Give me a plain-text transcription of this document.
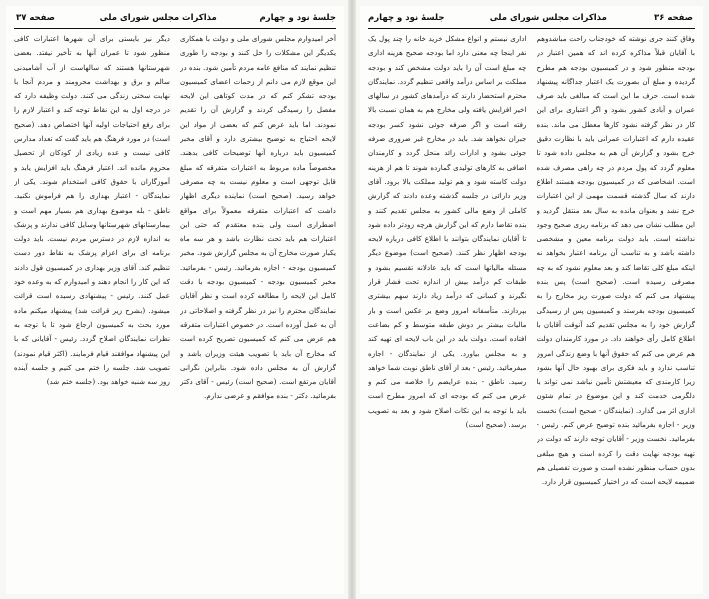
جلسهٔ نود و چهارم
مذاکرات مجلس شورای ملی
صفحه ۳۷

آخر امیدوارم مجلس شورای ملی و دولت با همکاری یکدیگر این مشکلات را حل کنند و بودجه را طوری تنظیم نمایند که منافع عامه مردم تأمین شود. بنده در این موقع لازم می دانم از زحمات اعضای کمیسیون بودجه تشکر کنم که در مدت کوتاهی این لایحه مفصل را رسیدگی کردند و گزارش آن را تقدیم نمودند. اما باید عرض کنم که بعضی از مواد این لایحه احتیاج به توضیح بیشتری دارد و آقای مخبر کمیسیون باید درباره آنها توضیحات کافی بدهند. مخصوصاً ماده مربوط به اعتبارات متفرقه که مبلغ قابل توجهی است و معلوم نیست به چه مصرفی خواهد رسید. (صحیح است) نماینده دیگری اظهار داشت که اعتبارات متفرقه معمولاً برای مواقع اضطراری است ولی بنده معتقدم که حتی این اعتبارات هم باید تحت نظارت باشد و هر سه ماه یکبار صورت مخارج آن به مجلس گزارش شود. مخبر کمیسیون بودجه - اجازه بفرمائید. رئیس - بفرمائید. مخبر کمیسیون بودجه - کمیسیون بودجه با دقت کامل این لایحه را مطالعه کرده است و نظر آقایان نمایندگان محترم را نیز در نظر گرفته و اصلاحاتی در آن به عمل آورده است. در خصوص اعتبارات متفرقه هم عرض می کنم که کمیسیون تصریح کرده است که مخارج آن باید با تصویب هیئت وزیران باشد و گزارش آن به مجلس داده شود. بنابراین نگرانی آقایان مرتفع است. (صحیح است) رئیس - آقای دکتر بفرمائید. دکتر - بنده موافقم و عرضی ندارم.

دیگر نیز بایستی برای آن شهرها اعتبارات کافی منظور شود تا عمران آنها به تأخیر نیفتد. بعضی شهرستانها هستند که سالهاست از آب آشامیدنی سالم و برق و بهداشت محرومند و مردم آنجا با نهایت سختی زندگی می کنند. دولت وظیفه دارد که در درجه اول به این نقاط توجه کند و اعتبار لازم را برای رفع احتیاجات اولیه آنها اختصاص دهد. (صحیح است) در مورد فرهنگ هم باید گفت که تعداد مدارس کافی نیست و عده زیادی از کودکان از تحصیل محروم مانده اند. اعتبار فرهنگ باید افزایش یابد و آموزگاران با حقوق کافی استخدام شوند. یکی از نمایندگان - اعتبار بهداری را هم فراموش نکنید. ناطق - بله موضوع بهداری هم بسیار مهم است و بیمارستانهای شهرستانها وسایل کافی ندارند و پزشک به اندازه لازم در دسترس مردم نیست. باید دولت برنامه ای برای اعزام پزشک به نقاط دور دست تنظیم کند. آقای وزیر بهداری در کمیسیون قول دادند که این کار را انجام دهند و امیدوارم که به وعده خود عمل کنند. رئیس - پیشنهادی رسیده است قرائت میشود. (بشرح زیر قرائت شد) پیشنهاد میکنم ماده مورد بحث به کمیسیون ارجاع شود تا با توجه به نظرات نمایندگان اصلاح گردد. رئیس - آقایانی که با این پیشنهاد موافقند قیام فرمایند. (اکثر قیام نمودند) تصویب شد. جلسه را ختم می کنیم و جلسه آینده روز سه شنبه خواهد بود. (جلسه ختم شد)

صفحه ۳۶
مذاکرات مجلس شورای ملی
جلسهٔ نود و چهارم

وفاق کنند جری نوشته که خودجناب راحت مباشدوهم با آقایان قبلاً مذاکره کرده اند که همین اعتبار در بودجه منظور شود و در کمیسیون بودجه هم مطرح گردیده و مبلغ آن بصورت یک اعتبار جداگانه پیشنهاد شده است. حرف ما این است که مبالغی باید صرف عمران و آبادی کشور بشود و اگر اعتباری برای این کار در نظر گرفته نشود کارها معطل می ماند. بنده عقیده دارم که اعتبارات عمرانی باید با نظارت دقیق خرج بشود و گزارش آن هم به مجلس داده شود تا معلوم گردد که پول مردم در چه راهی مصرف شده است. اشخاصی که در کمیسیون بودجه هستند اطلاع دارند که سال گذشته قسمت مهمی از این اعتبارات خرج نشد و بعنوان مانده به سال بعد منتقل گردید و این مطلب نشان می دهد که برنامه ریزی صحیح وجود نداشته است. باید دولت برنامه معین و مشخصی داشته باشد و به تناسب آن برنامه اعتبار بخواهد نه اینکه مبلغ کلی تقاضا کند و بعد معلوم نشود که به چه مصرفی رسیده است. (صحیح است) پس بنده پیشنهاد می کنم که دولت صورت ریز مخارج را به کمیسیون بودجه بفرستد و کمیسیون پس از رسیدگی گزارش خود را به مجلس تقدیم کند آنوقت آقایان با اطلاع کامل رأی خواهند داد. در مورد کارمندان دولت هم عرض می کنم که حقوق آنها با وضع زندگی امروز تناسب ندارد و باید فکری برای بهبود حال آنها بشود زیرا کارمندی که معیشتش تأمین نباشد نمی تواند با دلگرمی خدمت کند و این موضوع در تمام شئون اداری اثر می گذارد. (نمایندگان - صحیح است) نخست وزیر - اجازه بفرمائید بنده توضیح عرض کنم. رئیس - بفرمائید. نخست وزیر - آقایان توجه دارند که دولت در تهیه بودجه نهایت دقت را کرده است و هیچ مبلغی بدون حساب منظور نشده است و صورت تفصیلی هم ضمیمه لایحه است که در اختیار کمیسیون قرار دارد.

اداری نیستم و انواع مشکل خرید خانه را چند پول یک نفر اینجا چه معنی دارد اما بودجه صحیح هزینه اداری چه مبلغ است آن را باید دولت مشخص کند و بودجه مملکت بر اساس درآمد واقعی تنظیم گردد. نمایندگان محترم استحضار دارند که درآمدهای کشور در سالهای اخیر افزایش یافته ولی مخارج هم به همان نسبت بالا رفته است و اگر صرفه جوئی نشود کسر بودجه جبران نخواهد شد. باید در مخارج غیر ضروری صرفه جوئی بشود و ادارات زائد منحل گردد و کارمندان اضافی به کارهای تولیدی گمارده شوند تا هم از هزینه دولت کاسته شود و هم تولید مملکت بالا برود. آقای وزیر دارائی در جلسه گذشته وعده دادند که گزارش کاملی از وضع مالی کشور به مجلس تقدیم کنند و بنده تقاضا دارم که این گزارش هرچه زودتر داده شود تا آقایان نمایندگان بتوانند با اطلاع کافی درباره لایحه بودجه اظهار نظر کنند. (صحیح است) موضوع دیگر مسئله مالیاتها است که باید عادلانه تقسیم بشود و طبقات کم درآمد بیش از اندازه تحت فشار قرار نگیرند و کسانی که درآمد زیاد دارند سهم بیشتری بپردازند. متأسفانه امروز وضع بر عکس است و بار مالیات بیشتر بر دوش طبقه متوسط و کم بضاعت افتاده است. دولت باید در این باب لایحه ای تهیه کند و به مجلس بیاورد. یکی از نمایندگان - اجازه میفرمائید. رئیس - بعد از آقای ناطق نوبت شما خواهد رسید. ناطق - بنده عرایضم را خلاصه می کنم و عرض می کنم که بودجه ای که امروز مطرح است باید با توجه به این نکات اصلاح شود و بعد به تصویب برسد. (صحیح است)
